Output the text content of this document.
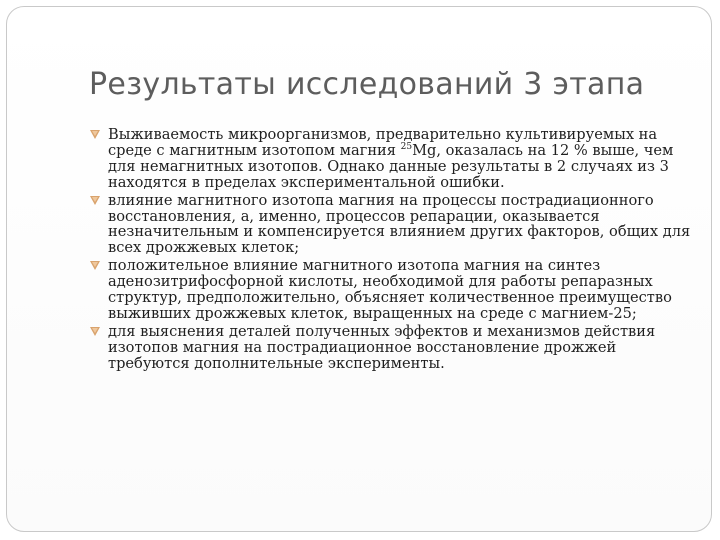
Результаты исследований 3 этапа
Выживаемость микроорганизмов, предварительно культивируемых на среде с магнитным изотопом магния $^{25}$Mg, оказалась на 12 % выше, чем для немагнитных изотопов. Однако данные результаты в 2 случаях из 3 находятся в пределах экспериментальной ошибки.
влияние магнитного изотопа магния на процессы пострадиационного восстановления, а, именно, процессов репарации, оказывается незначительным и компенсируется влиянием других факторов, общих для всех дрожжевых клеток;
положительное влияние магнитного изотопа магния на синтез аденозитрифосфорной кислоты, необходимой для работы репаразных структур, предположительно, объясняет количественное преимущество выживших дрожжевых клеток, выращенных на среде с магнием-25;
для выяснения деталей полученных эффектов и механизмов действия изотопов магния на пострадиационное восстановление дрожжей требуются дополнительные эксперименты.
